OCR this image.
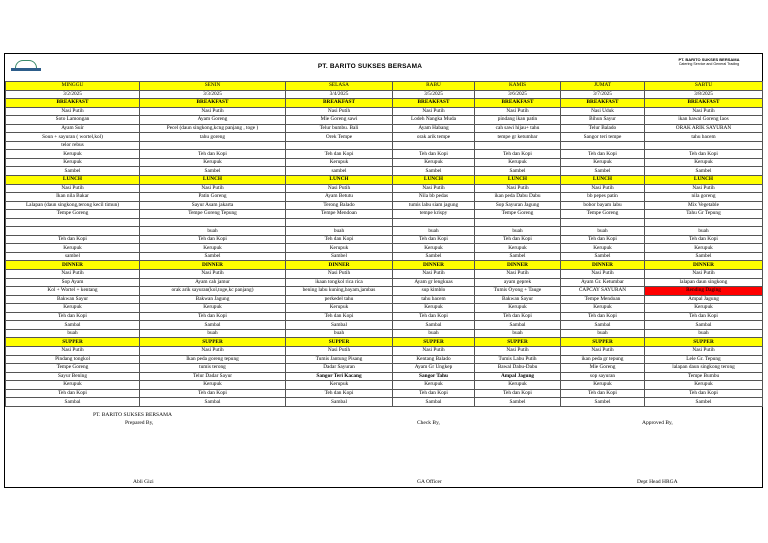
PT. BARITO SUKSES BERSAMA
PT. BARITO SUKSES BERSAMA
Catering Service and General Trading
MINGGU	SENIN	SELASA	RABU	KAMIS	JUMAT	SABTU
3/2/2025	3/3/2025	3/4/2025	3/5/2025	3/6/2025	3/7/2025	3/8/2025
BREAKFAST	BREAKFAST	BREAKFAST	BREAKFAST	BREAKFAST	BREAKFAST	BREAKFAST
Nasi Putih	Nasi Putih	Nasi Putih	Nasi Putih	Nasi Putih	Nasi Uduk	Nasi Putih
Soto Lamongan	Ayam Goreng	Mie Goreng sawi	Lodeh Nangka Muda	pindang ikan patin	Bihun Sayur	ikan hawal Goreng Iaos
Ayam Suir	Pecel (daun singkong,kcng panjang , toge )	Telur bumbu. Bali	Ayam Habang	cah sawi hijau+ tahu	Telur Balado	ORAK ARIK SAYURAN
Soun + sayuran ( wortel,kol)	tahu goreng	Orek Tempe	orak arik tempe	tempe gr ketumbar	Sangor teri tempe	tahu bacem
telor rebus						
Kerupuk	Teh dan Kopi	Teh dan Kopi	Teh dan Kopi	Teh dan Kopi	Teh dan Kopi	Teh dan Kopi
Kerupuk	Kerupuk	Kerupuk	Kerupuk	Kerupuk	Kerupuk	Kerupuk
Sambel	Sambel	sambel	Sambel	Sambel	Sambel	Sambel
LUNCH	LUNCH	LUNCH	LUNCH	LUNCH	LUNCH	LUNCH
Nasi Putih	Nasi Putih	Nasi Putih	Nasi Putih	Nasi Putih	Nasi Putih	Nasi Putih
Ikan nila Bakar	Patin Goreng	Ayam Betutu	Nila bb pedas	ikan peda Dabu Dabu	bb pepes patin	nila goreng
Lalapan (daun singkong,terong kecil timun)	Sayur Asam jakarta	Terong Balado	tumis labu siam jagung	Sop Sayuran Jagung	bobor bayam labu	Mix Vegetable
Tempe Goreng	Tempe Goreng Tepung	Tempe Mendoan	tempe krispy	Tempe Goreng	Tempe Goreng	Tahu Gr Tepung

	buah	buah	buah	buah	buah	buah
Teh dan Kopi	Teh dan Kopi	Teh dan Kopi	Teh dan Kopi	Teh dan Kopi	Teh dan Kopi	Teh dan Kopi
Kerupuk	Kerupuk	Kerupuk	Kerupuk	Kerupuk	Kerupuk	Kerupuk
sambel	Sambel	Sambel	Sambel	Sambel	Sambel	Sambel
DINNER	DINNER	DINNER	DINNER	DINNER	DINNER	DINNER
Nasi Putih	Nasi Putih	Nasi Putih	Nasi Putih	Nasi Putih	Nasi Putih	Nasi Putih
Sop Ayam	Ayam cah jamur	ikaan tongkol rica rica	Ayam gr lengkuas	ayam geprek	Ayam Gr. Ketumbar	lalapan daun singkong
Kol + Wortel + kentang	orak arik sayuran(kol,toge,kc panjang)	bening labu kuning,bayam,jambas	sup kimblo	Tumis Oyong + Tauge	CAPCAY SAYURAN	Rending Daging
Bakwan Sayur	Bakwan Jagung	perkedel tahu	tahu bacem	Bakwan Sayur	Tempe Mendoan	Ampal Jagung
Kerupuk	Kerupuk	Kerupuk	Kerupuk	Kerupuk	Kerupuk	Kerupuk
Teh dan Kopi	Teh dan Kopi	Teh dan Kopi	Teh dan Kopi	Teh dan Kopi	Teh dan Kopi	Teh dan Kopi
Sambal	Sambal	Sambal	Sambal	Sambal	Sambal	Sambal
buah	buah	buah	buah	buah	buah	buah
SUPPER	SUPPER	SUPPER	SUPPER	SUPPER	SUPPER	SUPPER
Nasi Putih	Nasi Putih	Nasi Putih	Nasi Putih	Nasi Putih	Nasi Putih	Nasi Putih
Pindang tongkol	Ikan peda goreng tepung	Tumis Jantung Pisang	Kentang Balado	Tumis Labu Putih	ikan peda gr tepung	Lele Gr. Tepung
Tempe Goreng	tumis terong	Dadar Sayuran	Ayam Gr Ungkep	Bawal Dabu-Dabu	Mie Goreng	lalapan daun singkong terong
Sayur Bening	Telur Dadar Sayur	Sangor Teri Kacang	Sangor Tahu	Ampal Jagung	sop sayuran	Tempe Bumbu
Kerupuk	Kerupuk	Kerupuk	Kerupuk	Kerupuk	Kerupuk	Kerupuk
Teh dan Kopi	Teh dan Kopi	Teh dan Kopi	Teh dan Kopi	Teh dan Kopi	Teh dan Kopi	Teh dan Kopi
Sambal	Sambal	Sambal	Sambal	Sambel	Sambel	Sambel
PT. BARITO SUKSES BERSAMA
Prepared By,	Check By,	Approved By,
Abli Gizi	GA Officer	Dept Head HRGA
